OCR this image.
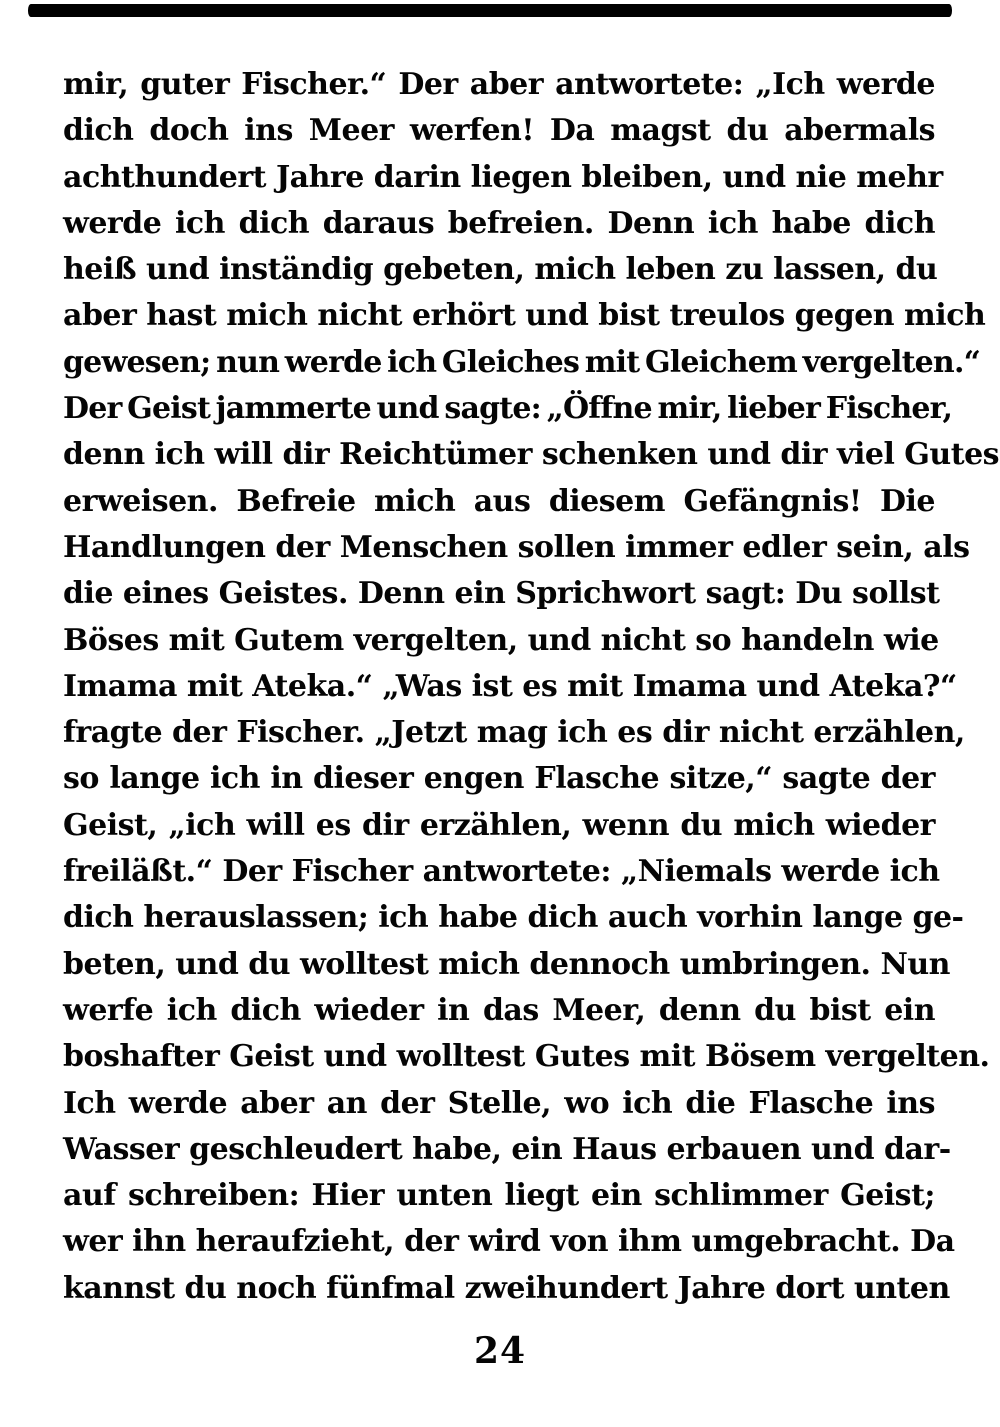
mir, guter Fischer.“ Der aber antwortete: „Ich werde
dich doch ins Meer werfen! Da magst du abermals
achthundert Jahre darin liegen bleiben, und nie mehr
werde ich dich daraus befreien. Denn ich habe dich
heiß und inständig gebeten, mich leben zu lassen, du
aber hast mich nicht erhört und bist treulos gegen mich
gewesen; nun werde ich Gleiches mit Gleichem vergelten.“
Der Geist jammerte und sagte: „Öffne mir, lieber Fischer,
denn ich will dir Reichtümer schenken und dir viel Gutes
erweisen. Befreie mich aus diesem Gefängnis! Die
Handlungen der Menschen sollen immer edler sein, als
die eines Geistes. Denn ein Sprichwort sagt: Du sollst
Böses mit Gutem vergelten, und nicht so handeln wie
Imama mit Ateka.“ „Was ist es mit Imama und Ateka?“
fragte der Fischer. „Jetzt mag ich es dir nicht erzählen,
so lange ich in dieser engen Flasche sitze,“ sagte der
Geist, „ich will es dir erzählen, wenn du mich wieder
freiläßt.“ Der Fischer antwortete: „Niemals werde ich
dich herauslassen; ich habe dich auch vorhin lange ge-
beten, und du wolltest mich dennoch umbringen. Nun
werfe ich dich wieder in das Meer, denn du bist ein
boshafter Geist und wolltest Gutes mit Bösem vergelten.
Ich werde aber an der Stelle, wo ich die Flasche ins
Wasser geschleudert habe, ein Haus erbauen und dar-
auf schreiben: Hier unten liegt ein schlimmer Geist;
wer ihn heraufzieht, der wird von ihm umgebracht. Da
kannst du noch fünfmal zweihundert Jahre dort unten
24
